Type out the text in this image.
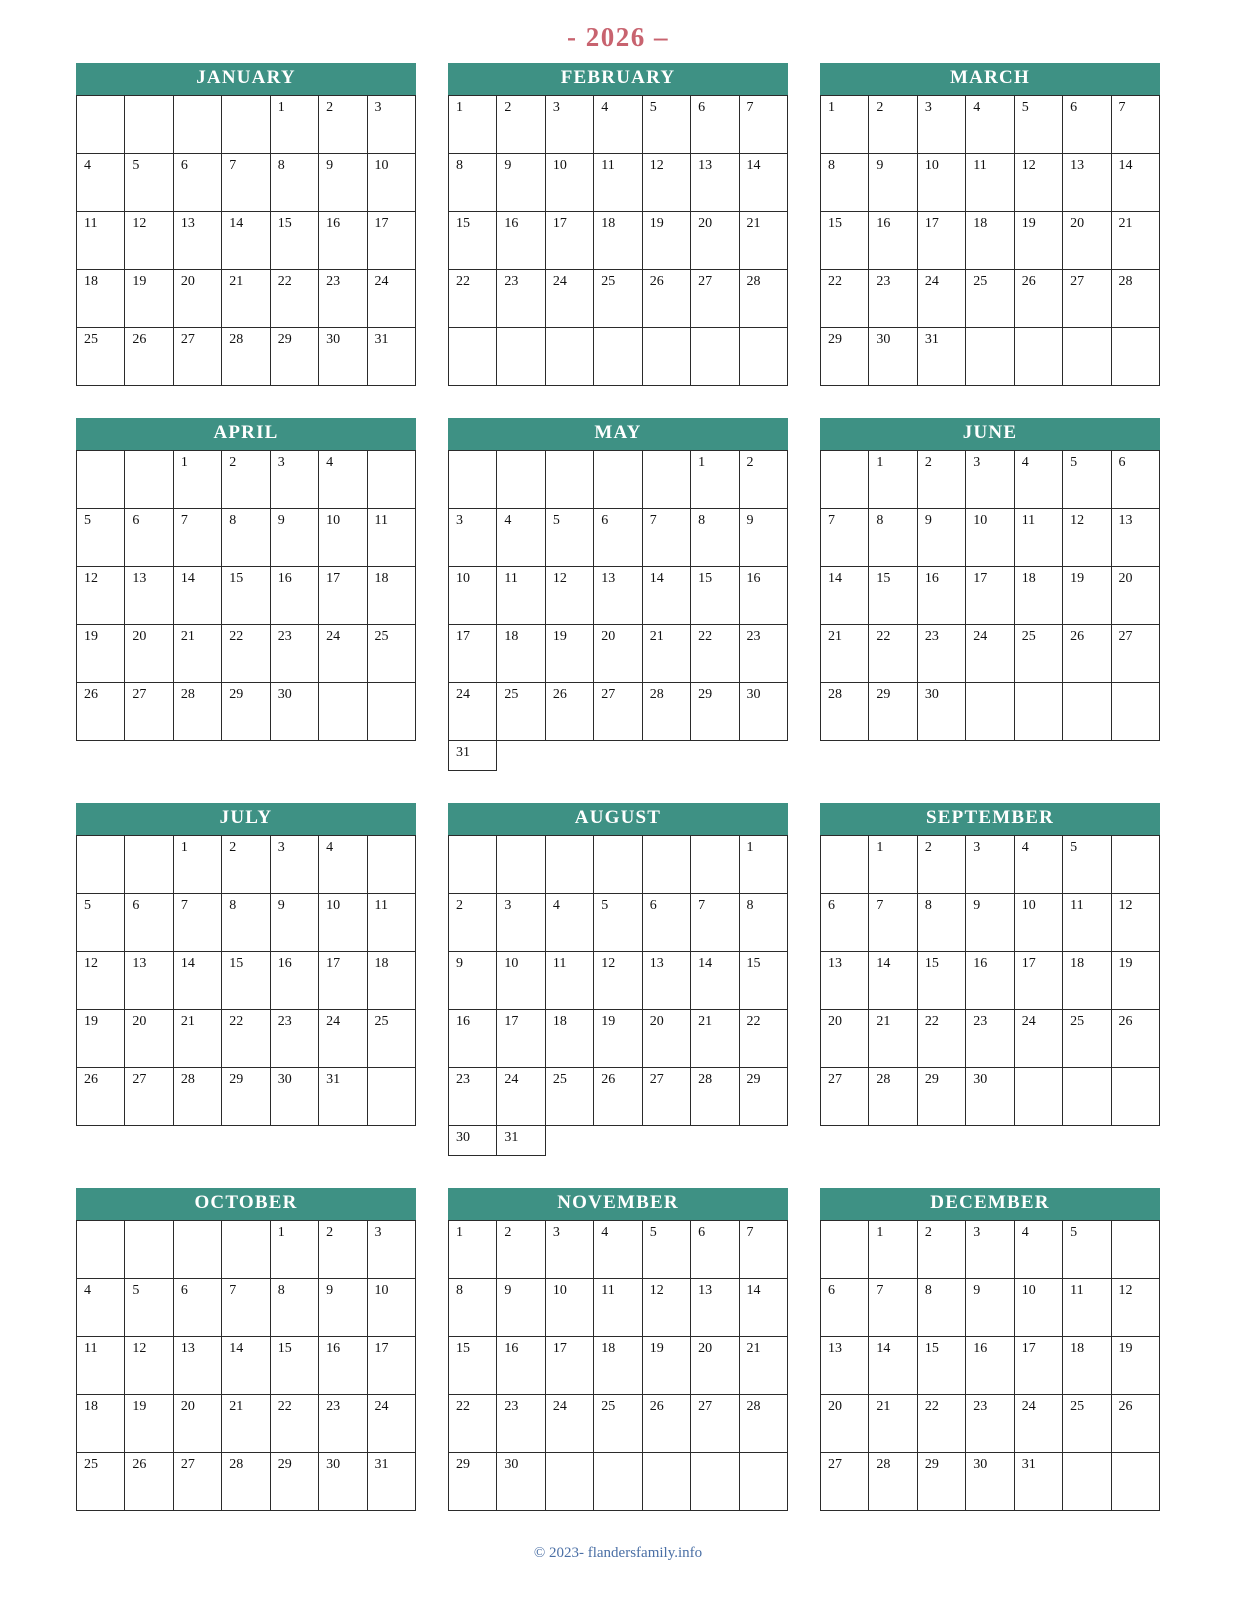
- 2026 –
JANUARY
				1	2	3
4	5	6	7	8	9	10
11	12	13	14	15	16	17
18	19	20	21	22	23	24
25	26	27	28	29	30	31
FEBRUARY
1	2	3	4	5	6	7
8	9	10	11	12	13	14
15	16	17	18	19	20	21
22	23	24	25	26	27	28

MARCH
1	2	3	4	5	6	7
8	9	10	11	12	13	14
15	16	17	18	19	20	21
22	23	24	25	26	27	28
29	30	31				
APRIL
		1	2	3	4	
5	6	7	8	9	10	11
12	13	14	15	16	17	18
19	20	21	22	23	24	25
26	27	28	29	30		
MAY
					1	2
3	4	5	6	7	8	9
10	11	12	13	14	15	16
17	18	19	20	21	22	23
24	25	26	27	28	29	30
31						
JUNE
	1	2	3	4	5	6
7	8	9	10	11	12	13
14	15	16	17	18	19	20
21	22	23	24	25	26	27
28	29	30				
JULY
		1	2	3	4	
5	6	7	8	9	10	11
12	13	14	15	16	17	18
19	20	21	22	23	24	25
26	27	28	29	30	31	
AUGUST
						1
2	3	4	5	6	7	8
9	10	11	12	13	14	15
16	17	18	19	20	21	22
23	24	25	26	27	28	29
30	31					
SEPTEMBER
	1	2	3	4	5	
6	7	8	9	10	11	12
13	14	15	16	17	18	19
20	21	22	23	24	25	26
27	28	29	30			
OCTOBER
				1	2	3
4	5	6	7	8	9	10
11	12	13	14	15	16	17
18	19	20	21	22	23	24
25	26	27	28	29	30	31
NOVEMBER
1	2	3	4	5	6	7
8	9	10	11	12	13	14
15	16	17	18	19	20	21
22	23	24	25	26	27	28
29	30					
DECEMBER
	1	2	3	4	5	
6	7	8	9	10	11	12
13	14	15	16	17	18	19
20	21	22	23	24	25	26
27	28	29	30	31		
© 2023- flandersfamily.info
